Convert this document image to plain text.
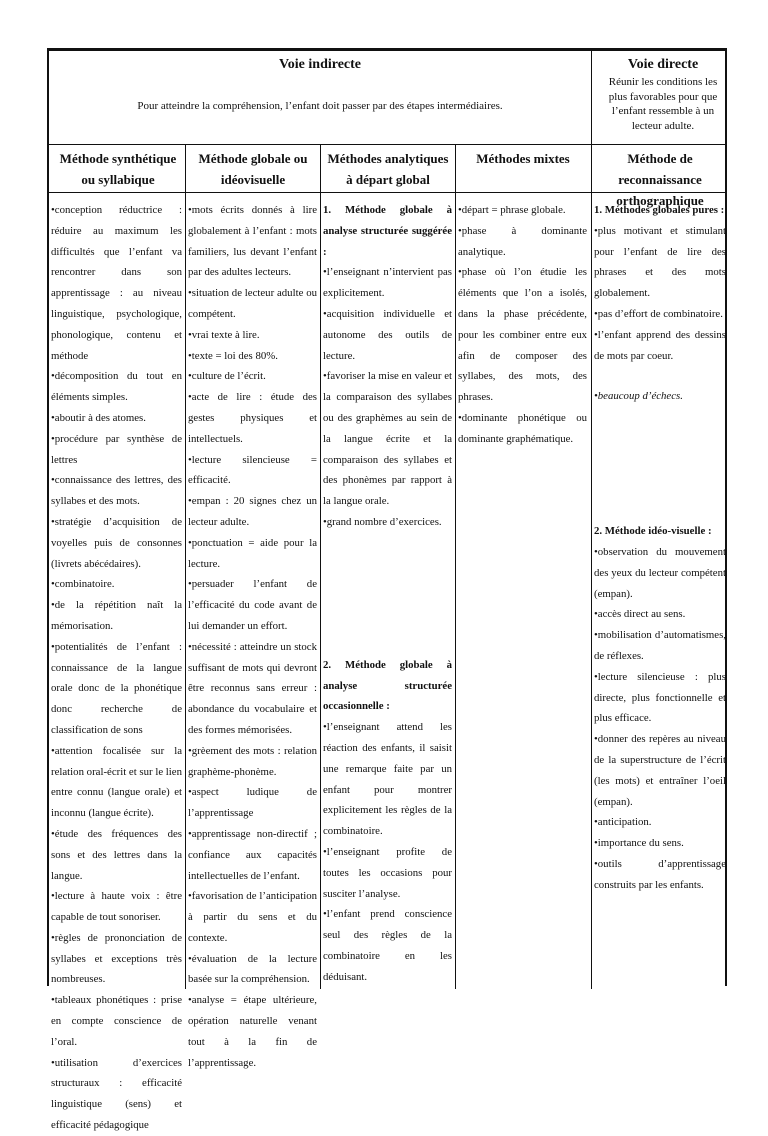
Voie indirecte
Pour atteindre la compréhension, l’enfant doit passer par des étapes intermédiaires.
Voie directe
Réunir les conditions les plus favorables pour que l’enfant ressemble à un lecteur adulte.
Méthode synthétique ou syllabique
Méthode globale ou idéovisuelle
Méthodes analytiques à départ global
Méthodes mixtes	Méthode de reconnaissance orthographique

• conception réductrice : réduire au maximum les difficultés que l’enfant va rencontrer dans son apprentissage : au niveau linguistique, psychologique, phonologique, contenu et méthode

• décomposition du tout en éléments simples.

• aboutir à des atomes.

• procédure par synthèse de lettres

• connaissance des lettres, des syllabes et des mots.

• stratégie d’acquisition de voyelles puis de consonnes (livrets abécédaires).

• combinatoire.

• de la répétition naît la mémorisation.

• potentialités de l’enfant : connaissance de la langue orale donc de la phonétique donc recherche de classification de sons

• attention focalisée sur la relation oral-écrit et sur le lien entre connu (langue orale) et inconnu (langue écrite).

• étude des fréquences des sons et des lettres dans la langue.

• lecture à haute voix : être capable de tout sonoriser.

• règles de prononciation de syllabes et exceptions très nombreuses.

• tableaux phonétiques : prise en compte conscience de l’oral.

• utilisation d’exercices structuraux : efficacité linguistique (sens) et efficacité pédagogique

• mots écrits donnés à lire globalement à l’enfant : mots familiers, lus devant l’enfant par des adultes lecteurs.

• situation de lecteur adulte ou compétent.

• vrai texte à lire.

• texte = loi des 80%.

• culture de l’écrit.

• acte de lire : étude des gestes physiques et intellectuels.

• lecture silencieuse = efficacité.

• empan : 20 signes chez un lecteur adulte.

• ponctuation = aide pour la lecture.

• persuader l’enfant de l’efficacité du code avant de lui demander un effort.

• nécessité : atteindre un stock suffisant de mots qui devront être reconnus sans erreur : abondance du vocabulaire et des formes mémorisées.

• grèement des mots : relation graphème-phonème.

• aspect ludique de l’apprentissage

• apprentissage non-directif ; confiance aux capacités intellectuelles de l’enfant.

• favorisation de l’anticipation à partir du sens et du contexte.

• évaluation de la lecture basée sur la compréhension.

• analyse = étape ultérieure, opération naturelle venant tout à la fin de l’apprentissage.

1. Méthode globale à analyse structurée suggérée :

• l’enseignant n’intervient pas explicitement.

• acquisition individuelle et autonome des outils de lecture.

• favoriser la mise en valeur et la comparaison des syllabes ou des graphèmes au sein de la langue écrite et la comparaison des syllabes et des phonèmes par rapport à la langue orale.

• grand nombre d’exercices.

2. Méthode globale à analyse structurée occasionnelle :

• l’enseignant attend les réaction des enfants, il saisit une remarque faite par un enfant pour montrer explicitement les règles de la combinatoire.

• l’enseignant profite de toutes les occasions pour susciter l’analyse.

• l’enfant prend conscience seul des règles de la combinatoire en les déduisant.

• départ = phrase globale.

• phase à dominante analytique.

• phase où l’on étudie les éléments que l’on a isolés, dans la phase précédente, pour les combiner entre eux afin de composer des syllabes, des mots, des phrases.

• dominante phonétique ou dominante graphématique.

1. Méthodes globales pures :

• plus motivant et stimulant pour l’enfant de lire des phrases et des mots globalement.

• pas d’effort de combinatoire.

• l’enfant apprend des dessins de mots par coeur.

• beaucoup d’échecs.

2. Méthode idéo-visuelle :

• observation du mouvement des yeux du lecteur compétent (empan).

• accès direct au sens.

• mobilisation d’automatismes, de réflexes.

• lecture silencieuse : plus directe, plus fonctionnelle et plus efficace.

• donner des repères au niveau de la superstructure de l’écrit (les mots) et entraîner l’oeil (empan).

• anticipation.

• importance du sens.

• outils d’apprentissage construits par les enfants.
